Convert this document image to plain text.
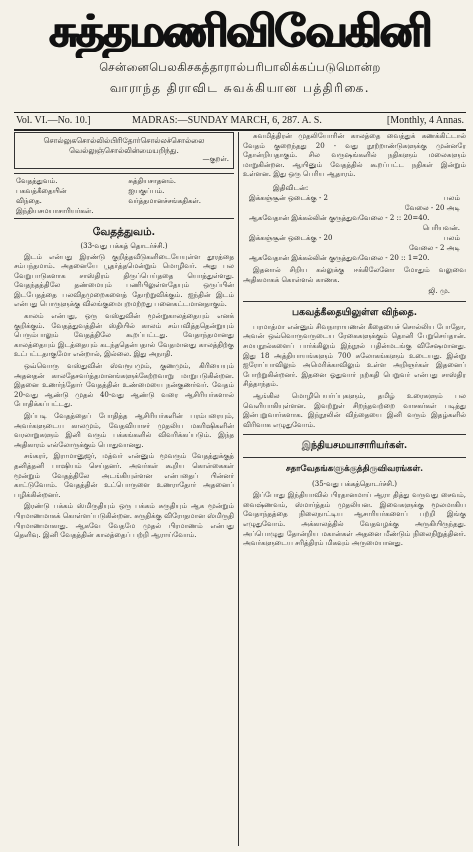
சுத்தமணிவிவேகினி
சென்னைபெலகிசகத்தாரால்பரிபாலிக்கப்படுமொன்ற
வாராந்த திராவிட சுவக்கியான பத்திரிகை.
Vol. VI.—No. 10.]	MADRAS:—SUNDAY MARCH, 6, 287. A. S.	[Monthly, 4 Annas.
சொல்லுகசொல்லில்பிரிதோர்சொல்லச்சொல்லை வெல்லுஞ்சொல்லின்மையறிந்து.
—குறள்.
வேதத்துவம்.
பகவத்கீதையின் விந்தை.
இந்தியசமயாசாரியர்கள்.
சுத்தியசாதனம்.
ஐயகுப்பம்.
வர்த்தமானச்சங்கதிகள்.
வேதத்துவம்.
(33-வது பக்கத் தொடர்ச்சி.)

இடம் என்பது இரண்டு குறித்தவீடுகளிடையேயுள்ள தூரத்தை சம்பந்தமாம். அதனையே பூதர்த்தமென்றும் மொழிவர். அது பல வேறுபாடுகளாக சாஸ்திரம் திருப்பெய்ததை யொத்துள்ளது. வேதந்தத்திலே தண்மையும் பணிபிலுள்ளதேயும் ஒருப்பின் இடபேதத்தை பலவிதமுறைகளைத் தோற்றுவிக்கும். ஐந்தின் இடம் என்பது பொருளுக்கு விலங்குமைபுறமற்றது பனைகட்டமானதாகும்.

காலம் என்பது, ஒரு வஸ்துவின் மூன்றுகாலத்தையும் எனக் குறிக்கும். வேதத்துவத்தின் ஸ்தியில் காலம் சம்பவித்ததென்றுயும் பெரும்பாலும் வேதத்திலே கூறப்பட்டது. வேதாந்தமானது காலத்தையும் இடத்தையும் கடந்ததென்பதால் வேதமானது காலத்திற்கு உட்பட்டதாகுமோ என்றால், இல்லை. இது அநாதி.

ஒவ்வொரு வஸ்துவின் ஸ்வரூபமும், குணமும், கிரியையும் அதனதன் காலதேசவர்த்தமானங்களுக்கேற்றவாறு மாறுபடுகின்றன. இதனை உணர்ந்தோர் வேதத்தின் உண்மையை நன்குணர்வர். வேதம் 20-வது ஆண்டு முதல் 40-வது ஆண்டு வரை ஆசிரியர்களால் போதிக்கப்பட்டது.

இப்படி வேதத்தைப் போதித்த ஆசிரியர்களின் பரம்பரையும், அவர்களுடைய காலமும், வேதவியாசர் முதலிய மகரிஷிகளின் வரலாறுகளும் இனி வரும் பக்கங்களில் விவரிக்கப்படும். இந்த அதிகாரம் எல்லோருக்கும் பொதுவானது.

சங்கரர், இராமானுஜர், மத்வர் என்னும் மூவரும் வேதத்துக்குத் தனித்தனி பாஷியம் செய்தனர். அவர்கள் கூறிய கொள்கைகள் மூன்றும் வேதத்திலே அடங்கியுள்ளன என்பதைப் பின்னர் காட்டுவோம். வேதத்தின் உட்பொருளை உணராதோர் அதனைப் பழிக்கின்றனர்.

இரண்டு பக்கம் ஸ்மிருதியும் ஒரு பக்கம் சுருதியும் ஆக மூன்றும் பிரமாணமாகக் கொள்ளப்படுகின்றன. சுருதிக்கு விரோதமான ஸ்மிருதி பிரமாணமாகாது. ஆகவே வேதமே முதல் பிரமாணம் என்பது தெளிவு. இனி வேதத்தின் காலத்தைப் பற்றி ஆராய்வோம்.

சுவமித்திரன் முதலியோரின் காலத்தை வைத்துக் கணக்கிட்டால் வேதம் குறைந்தது 20 - வது நூற்றாண்டுகளுக்கு முன்னரே தோன்றியதாகும். சில வருஷங்களில் நதிகளும் மலைகளும் மாறுகின்றன. ஆயினும் வேதத்தில் கூறப்பட்ட நதிகள் இன்றும் உள்ளன. இது ஒரு பெரிய ஆதாரம்.

இதிவிடன்:
இக்கஞ்சூன் ஒடைக்கு - 2	பலம்
வேலை - 20 அடி
ஆகவேதான் இக்கல்லின் குருத்துவவேலை - 2 :: 20=40.
பெரியவன்.
இக்கஞ்சூன் ஒடைக்கு - 20	பலம்
வேலை - 2 அடி
ஆகவேதான் இக்கல்லின் குருத்துவவேலை - 20 :: 1=20.

இதனால் சிறிய கல்லுக்கு ஈக்கிலேனோ மோதும் வலுவை அதிகமாகக் கொள்ளல் காணக.

ஜி. மு.
பகவத்கீதையிலுள்ள விந்தை.

பரமாத்மா என்னும் சிவநாராயணன் கீதையைச் சொல்லிய போதோ, அவன் ஒவ்வொருவருடைய ரேகைகளுக்கும் தொனி பேறுசெய்தான். சமயநூல்களைப் பார்க்கிலும் இந்நூல் பதின்மடங்கு விசேஷமானது. இது 18 அத்தியாயங்களும் 700 சுலோகங்களும் உடையது. இன்று ஐரோப்பாவிலும் அமெரிக்காவிலும் உள்ள அறிஞர்கள் இதனைப் போற்றுகின்றனர். இதனை ஓதுவார் நற்கதி பெறுவர் என்பது சாஸ்திர சித்தாந்தம்.

ஆங்கில மொழிபெயர்ப்புகளும், தமிழ் உரைகளும் பல வெளியாகியுள்ளன. இவற்றுள் சிறந்தவற்றை வாசகர்கள் படித்து இன்புறுவார்களாக. இந்நூலின் விந்தையை இனி வரும் இதழ்களில் விரிவாக எழுதுவோம்.

இந்தியசமயாசாரியர்கள்.
சதாவேதங்களுக்குத்திருவிவரங்கள்.
(35-வது பக்கத்தொடர்ச்சி.)

இப்போது இந்தியாவில் பிரதானமாய் ஆரா தித்து வருவது சைவம், வைஷ்ணவம், ஸ்மார்த்தம் முதலியன. இவைகளுக்கு மூலமாகிய வேதாந்தத்தை நிலைநாட்டிய ஆசாரியர்களைப் பற்றி இங்கு எழுதுவோம். அக்காலத்தில் வேதவழக்கு அருகியிருந்தது. அப்பொழுது தோன்றிய மகான்கள் அதனை மீண்டும் நிலைநிறுத்தினர். அவர்களுடைய சரித்திரம் மிகவும் அருமையானது.
